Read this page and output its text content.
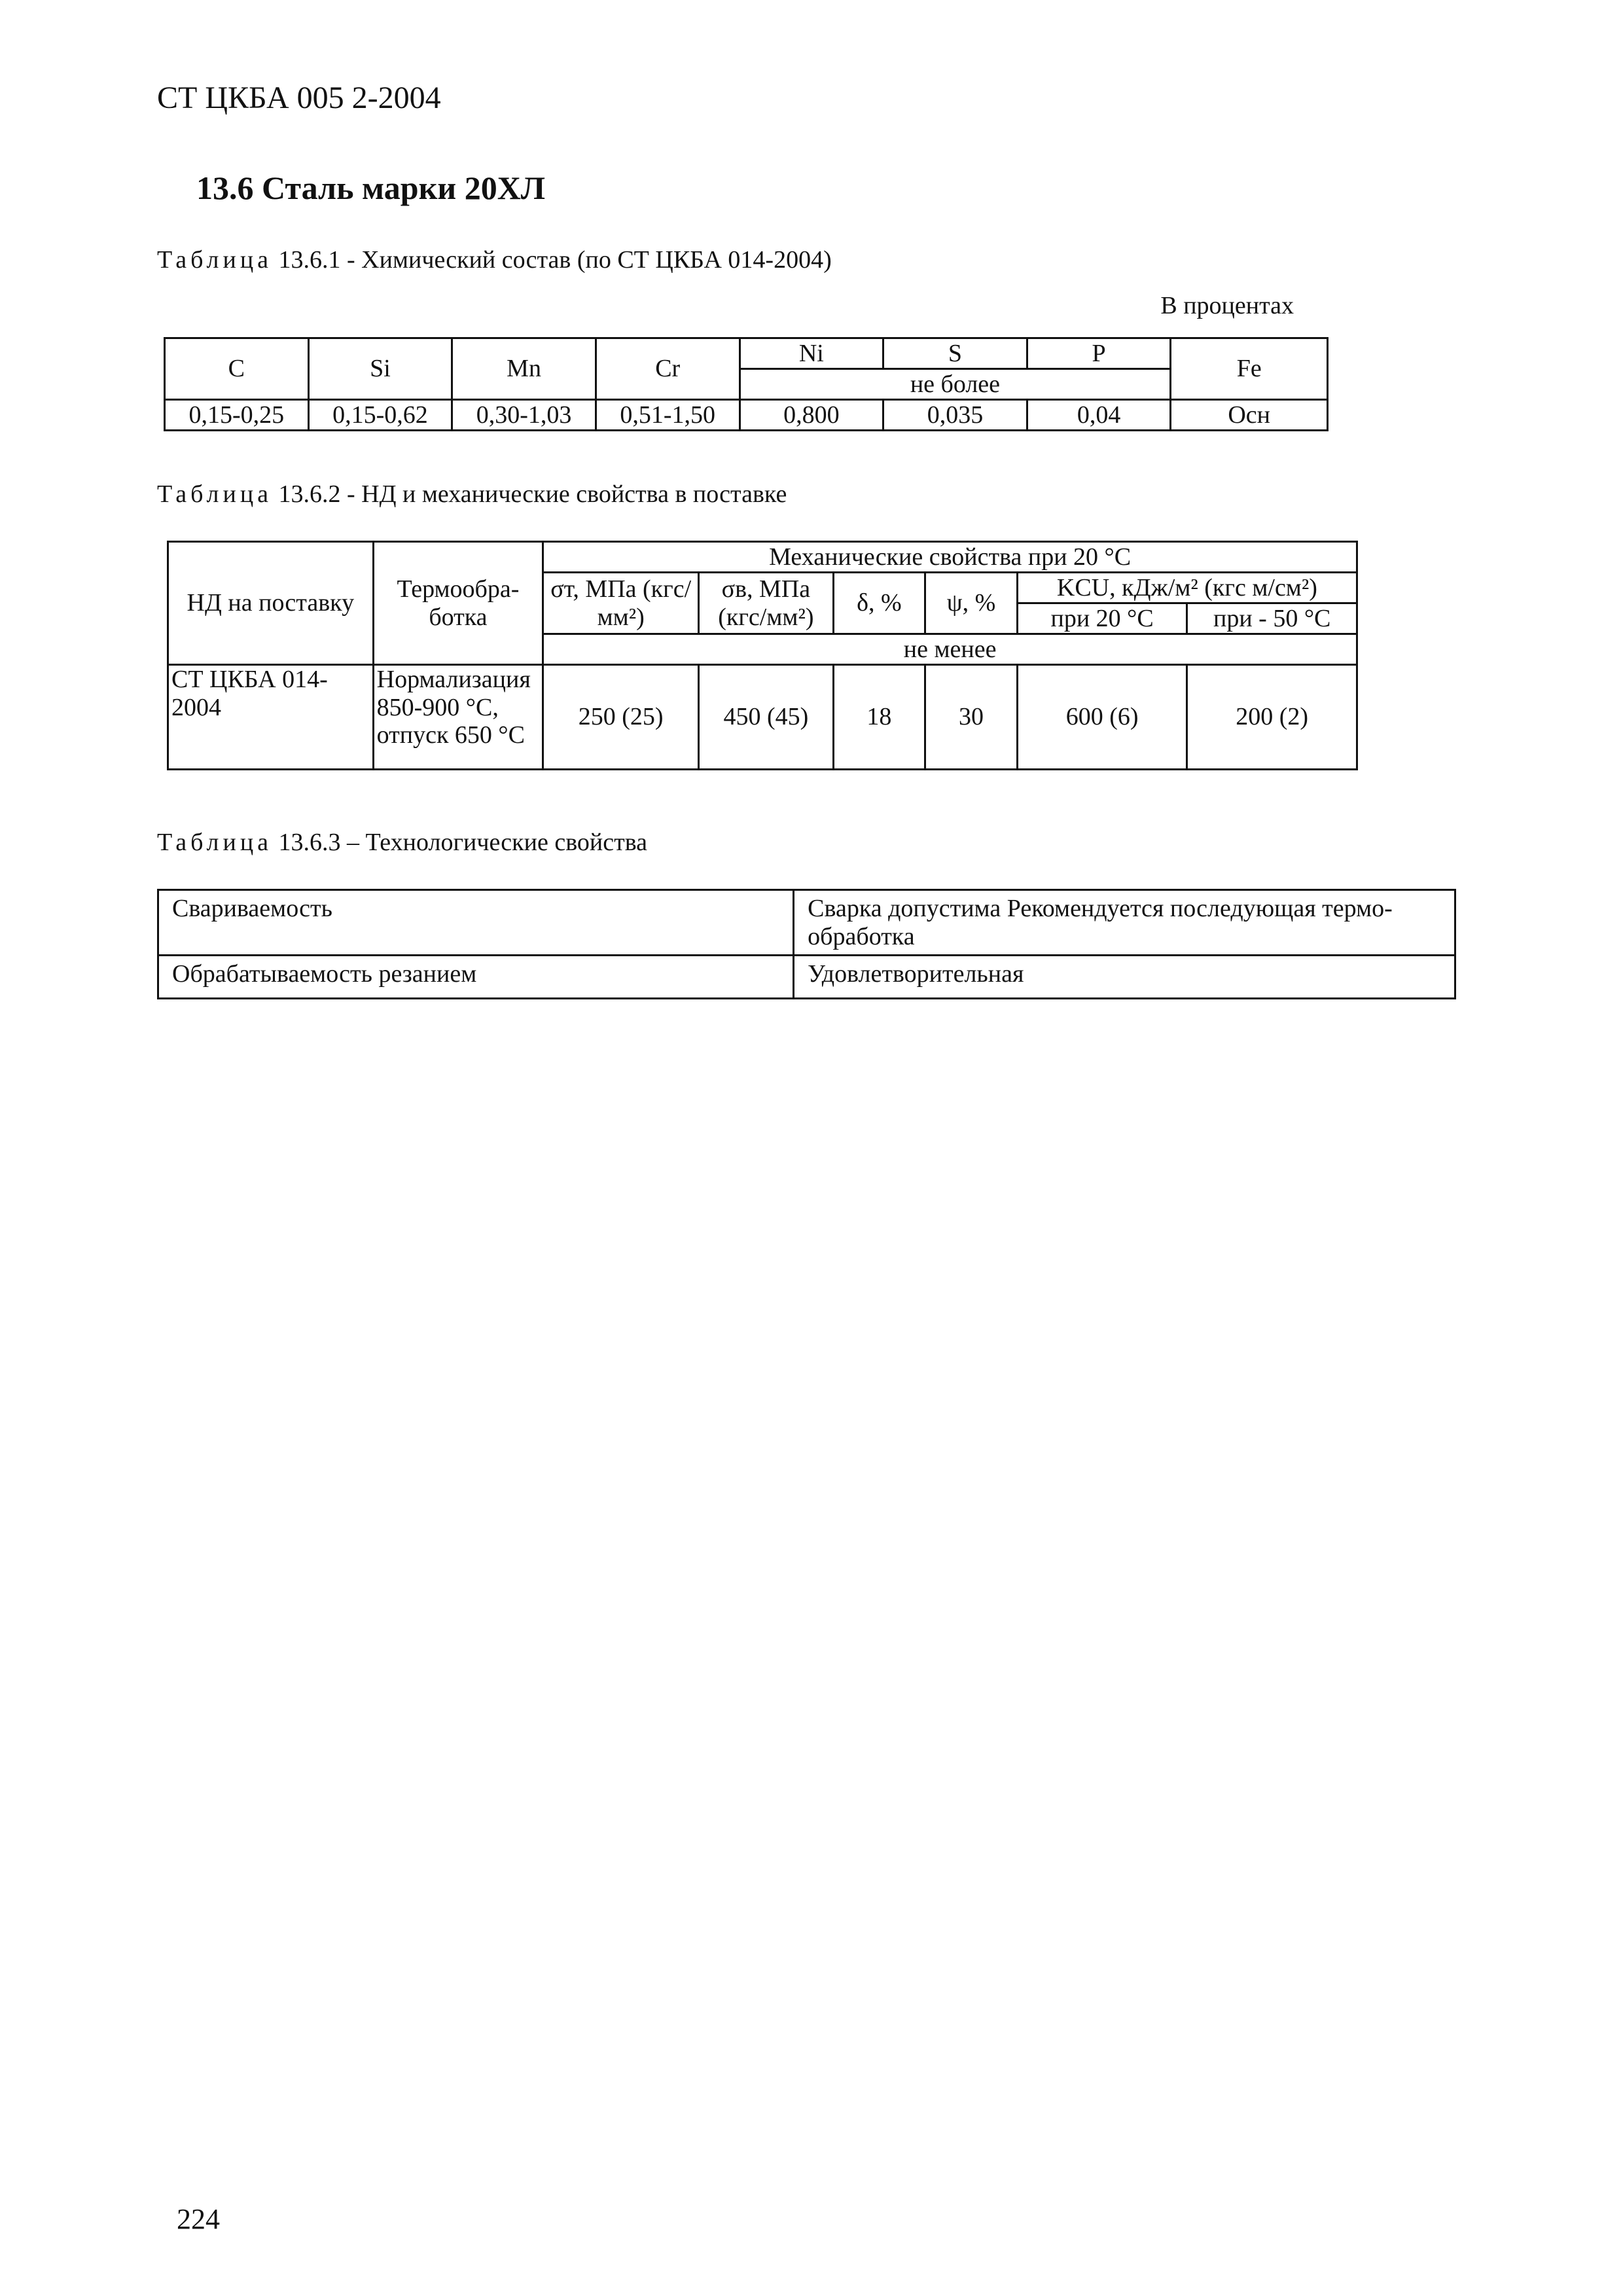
СТ ЦКБА 005 2-2004
13.6 Сталь марки 20ХЛ
Таблица 13.6.1 - Химический состав (по СТ ЦКБА 014-2004)
В процентах
C	Si	Mn	Cr	Ni	S	P	Fe
				не более			
0,15-0,25	0,15-0,62	0,30-1,03	0,51-1,50	0,800	0,035	0,04	Осн
Таблица 13.6.2 - НД и механические свойства в поставке
НД на поставку	Термообра-ботка	Механические свойства при 20 °С					
		σт, МПа (кгс/мм²)	σв, МПа (кгс/мм²)	δ, %	ψ, %	KCU, кДж/м² (кгс м/см²)	
						при 20 °С	при - 50 °С
		не менее					
СТ ЦКБА 014-2004	Нормализация 850-900 °С, отпуск 650 °С	250 (25)	450 (45)	18	30	600 (6)	200 (2)
Таблица 13.6.3 – Технологические свойства
Свариваемость	Сварка допустима Рекомендуется последующая термо-обработка
Обрабатываемость резанием	Удовлетворительная
224
